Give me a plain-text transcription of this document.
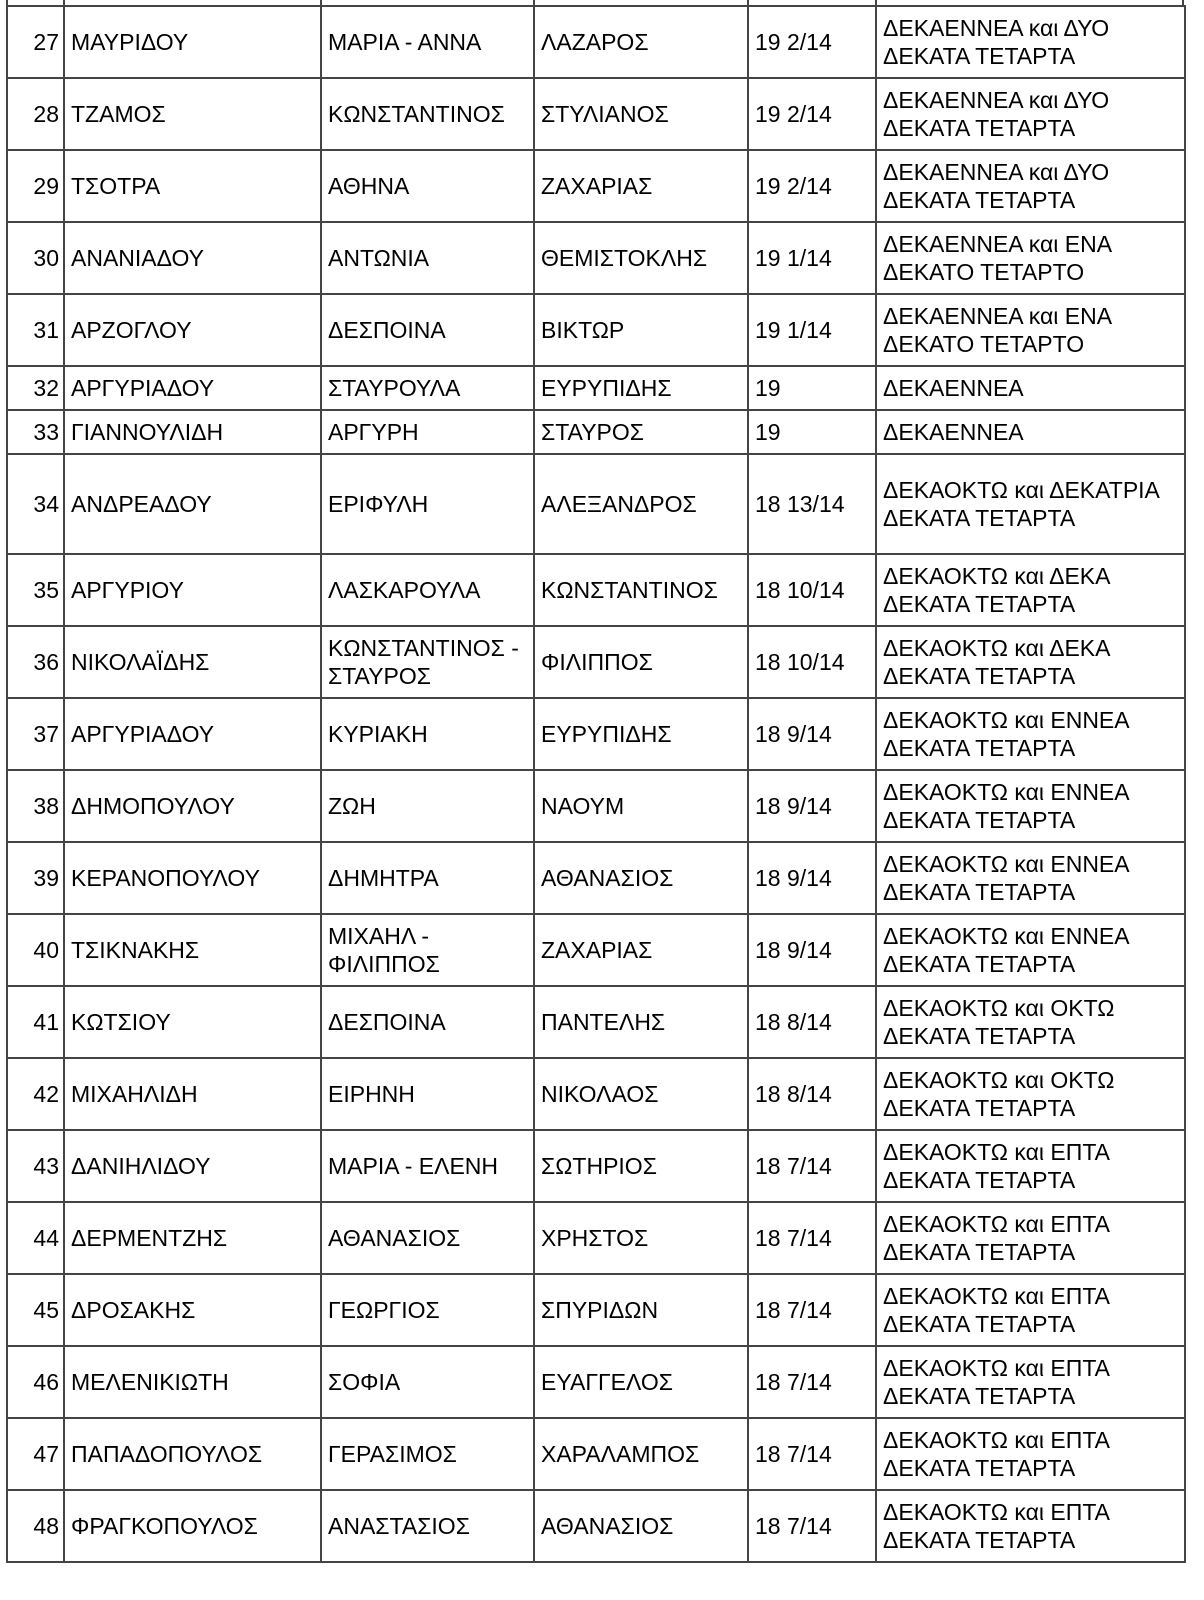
27	ΜΑΥΡΙΔΟΥ	ΜΑΡΙΑ - ΑΝΝΑ	ΛΑΖΑΡΟΣ	19 2/14	ΔΕΚΑΕΝΝΕΑ και ΔΥΟ ΔΕΚΑΤΑ ΤΕΤΑΡΤΑ
28	ΤΖΑΜΟΣ	ΚΩΝΣΤΑΝΤΙΝΟΣ	ΣΤΥΛΙΑΝΟΣ	19 2/14	ΔΕΚΑΕΝΝΕΑ και ΔΥΟ ΔΕΚΑΤΑ ΤΕΤΑΡΤΑ
29	ΤΣΟΤΡΑ	ΑΘΗΝΑ	ΖΑΧΑΡΙΑΣ	19 2/14	ΔΕΚΑΕΝΝΕΑ και ΔΥΟ ΔΕΚΑΤΑ ΤΕΤΑΡΤΑ
30	ΑΝΑΝΙΑΔΟΥ	ΑΝΤΩΝΙΑ	ΘΕΜΙΣΤΟΚΛΗΣ	19 1/14	ΔΕΚΑΕΝΝΕΑ και ΕΝΑ ΔΕΚΑΤΟ ΤΕΤΑΡΤΟ
31	ΑΡΖΟΓΛΟΥ	ΔΕΣΠΟΙΝΑ	ΒΙΚΤΩΡ	19 1/14	ΔΕΚΑΕΝΝΕΑ και ΕΝΑ ΔΕΚΑΤΟ ΤΕΤΑΡΤΟ
32	ΑΡΓΥΡΙΑΔΟΥ	ΣΤΑΥΡΟΥΛΑ	ΕΥΡΥΠΙΔΗΣ	19	ΔΕΚΑΕΝΝΕΑ
33	ΓΙΑΝΝΟΥΛΙΔΗ	ΑΡΓΥΡΗ	ΣΤΑΥΡΟΣ	19	ΔΕΚΑΕΝΝΕΑ
34	ΑΝΔΡΕΑΔΟΥ	ΕΡΙΦΥΛΗ	ΑΛΕΞΑΝΔΡΟΣ	18 13/14	ΔΕΚΑΟΚΤΩ και ΔΕΚΑΤΡΙΑ ΔΕΚΑΤΑ ΤΕΤΑΡΤΑ
35	ΑΡΓΥΡΙΟΥ	ΛΑΣΚΑΡΟΥΛΑ	ΚΩΝΣΤΑΝΤΙΝΟΣ	18 10/14	ΔΕΚΑΟΚΤΩ και ΔΕΚΑ ΔΕΚΑΤΑ ΤΕΤΑΡΤΑ
36	ΝΙΚΟΛΑΪΔΗΣ	ΚΩΝΣΤΑΝΤΙΝΟΣ - ΣΤΑΥΡΟΣ	ΦΙΛΙΠΠΟΣ	18 10/14	ΔΕΚΑΟΚΤΩ και ΔΕΚΑ ΔΕΚΑΤΑ ΤΕΤΑΡΤΑ
37	ΑΡΓΥΡΙΑΔΟΥ	ΚΥΡΙΑΚΗ	ΕΥΡΥΠΙΔΗΣ	18 9/14	ΔΕΚΑΟΚΤΩ και ΕΝΝΕΑ ΔΕΚΑΤΑ ΤΕΤΑΡΤΑ
38	ΔΗΜΟΠΟΥΛΟΥ	ΖΩΗ	ΝΑΟΥΜ	18 9/14	ΔΕΚΑΟΚΤΩ και ΕΝΝΕΑ ΔΕΚΑΤΑ ΤΕΤΑΡΤΑ
39	ΚΕΡΑΝΟΠΟΥΛΟΥ	ΔΗΜΗΤΡΑ	ΑΘΑΝΑΣΙΟΣ	18 9/14	ΔΕΚΑΟΚΤΩ και ΕΝΝΕΑ ΔΕΚΑΤΑ ΤΕΤΑΡΤΑ
40	ΤΣΙΚΝΑΚΗΣ	ΜΙΧΑΗΛ - ΦΙΛΙΠΠΟΣ	ΖΑΧΑΡΙΑΣ	18 9/14	ΔΕΚΑΟΚΤΩ και ΕΝΝΕΑ ΔΕΚΑΤΑ ΤΕΤΑΡΤΑ
41	ΚΩΤΣΙΟΥ	ΔΕΣΠΟΙΝΑ	ΠΑΝΤΕΛΗΣ	18 8/14	ΔΕΚΑΟΚΤΩ και ΟΚΤΩ ΔΕΚΑΤΑ ΤΕΤΑΡΤΑ
42	ΜΙΧΑΗΛΙΔΗ	ΕΙΡΗΝΗ	ΝΙΚΟΛΑΟΣ	18 8/14	ΔΕΚΑΟΚΤΩ και ΟΚΤΩ ΔΕΚΑΤΑ ΤΕΤΑΡΤΑ
43	ΔΑΝΙΗΛΙΔΟΥ	ΜΑΡΙΑ - ΕΛΕΝΗ	ΣΩΤΗΡΙΟΣ	18 7/14	ΔΕΚΑΟΚΤΩ και ΕΠΤΑ ΔΕΚΑΤΑ ΤΕΤΑΡΤΑ
44	ΔΕΡΜΕΝΤΖΗΣ	ΑΘΑΝΑΣΙΟΣ	ΧΡΗΣΤΟΣ	18 7/14	ΔΕΚΑΟΚΤΩ και ΕΠΤΑ ΔΕΚΑΤΑ ΤΕΤΑΡΤΑ
45	ΔΡΟΣΑΚΗΣ	ΓΕΩΡΓΙΟΣ	ΣΠΥΡΙΔΩΝ	18 7/14	ΔΕΚΑΟΚΤΩ και ΕΠΤΑ ΔΕΚΑΤΑ ΤΕΤΑΡΤΑ
46	ΜΕΛΕΝΙΚΙΩΤΗ	ΣΟΦΙΑ	ΕΥΑΓΓΕΛΟΣ	18 7/14	ΔΕΚΑΟΚΤΩ και ΕΠΤΑ ΔΕΚΑΤΑ ΤΕΤΑΡΤΑ
47	ΠΑΠΑΔΟΠΟΥΛΟΣ	ΓΕΡΑΣΙΜΟΣ	ΧΑΡΑΛΑΜΠΟΣ	18 7/14	ΔΕΚΑΟΚΤΩ και ΕΠΤΑ ΔΕΚΑΤΑ ΤΕΤΑΡΤΑ
48	ΦΡΑΓΚΟΠΟΥΛΟΣ	ΑΝΑΣΤΑΣΙΟΣ	ΑΘΑΝΑΣΙΟΣ	18 7/14	ΔΕΚΑΟΚΤΩ και ΕΠΤΑ ΔΕΚΑΤΑ ΤΕΤΑΡΤΑ
